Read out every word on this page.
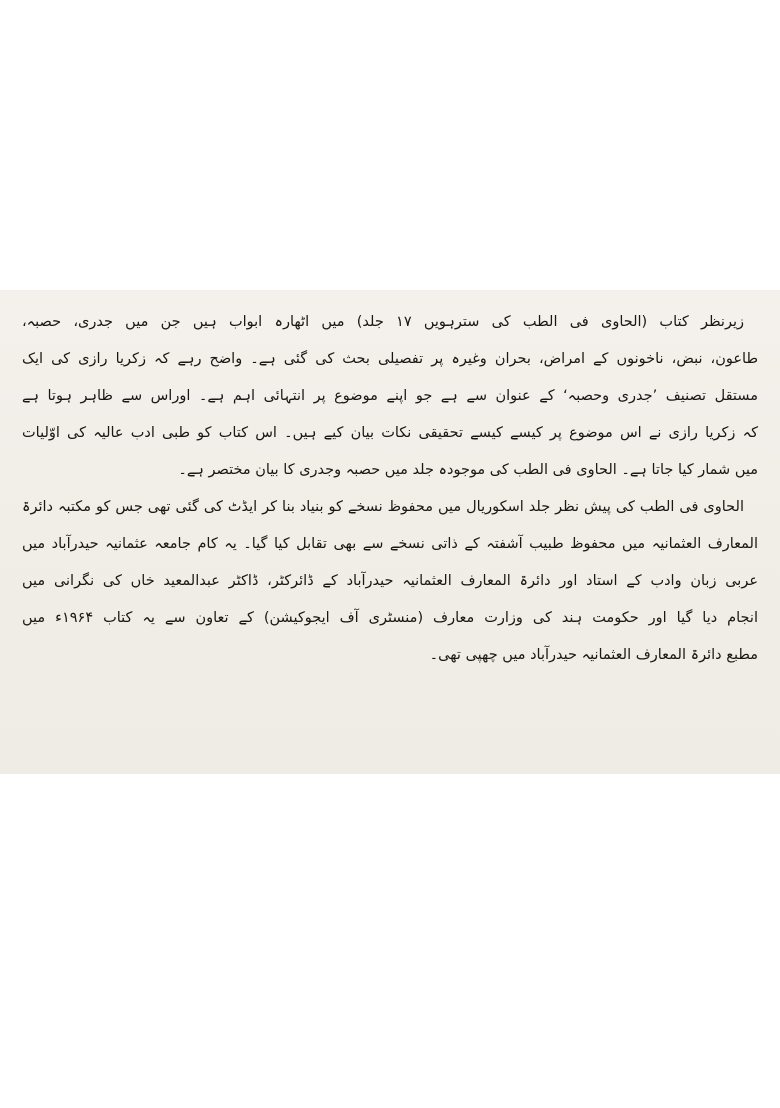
زیرنظر کتاب (الحاوی فی الطب کی سترہویں ۱۷ جلد) میں اٹھارہ ابواب ہیں جن میں جدری، حصبہ،
طاعون، نبض، ناخونوں کے امراض، بحران وغیرہ پر تفصیلی بحث کی گئی ہے۔ واضح رہے کہ زکریا رازی کی ایک
مستقل تصنیف ’جدری وحصبہ‘ کے عنوان سے ہے جو اپنے موضوع پر انتہائی اہم ہے۔ اوراس سے ظاہر ہوتا ہے
کہ زکریا رازی نے اس موضوع پر کیسے کیسے تحقیقی نکات بیان کیے ہیں۔ اس کتاب کو طبی ادب عالیہ کی اوّلیات
میں شمار کیا جاتا ہے۔ الحاوی فی الطب کی موجودہ جلد میں حصبہ وجدری کا بیان مختصر ہے۔
الحاوی فی الطب کی پیش نظر جلد اسکوریال میں محفوظ نسخے کو بنیاد بنا کر ایڈٹ کی گئی تھی جس کو مکتبہ دائرۃ
المعارف العثمانیہ میں محفوظ طبیب آشفتہ کے ذاتی نسخے سے بھی تقابل کیا گیا۔ یہ کام جامعہ عثمانیہ حیدرآباد میں
عربی زبان وادب کے استاد اور دائرۃ المعارف العثمانیہ حیدرآباد کے ڈائرکٹر، ڈاکٹر عبدالمعید خاں کی نگرانی میں
انجام دیا گیا اور حکومت ہند کی وزارت معارف (منسٹری آف ایجوکیشن) کے تعاون سے یہ کتاب ۱۹۶۴ء میں
مطبع دائرۃ المعارف العثمانیہ حیدرآباد میں چھپی تھی۔
